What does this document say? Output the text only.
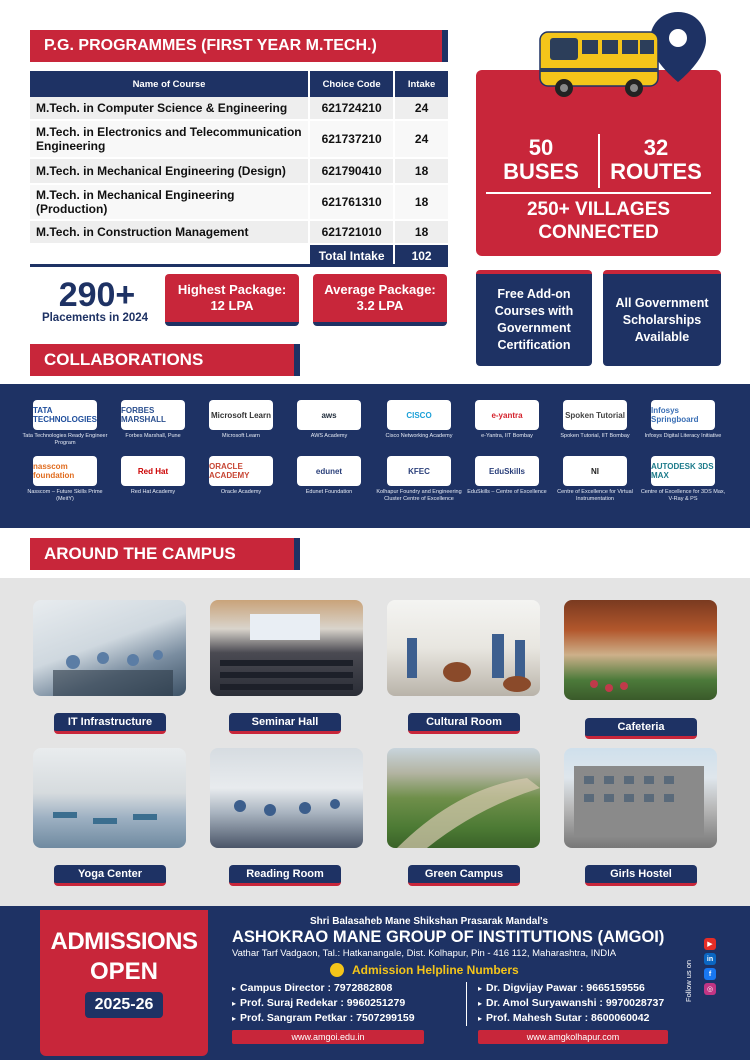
P.G. PROGRAMMES (FIRST YEAR M.TECH.)
Name of Course	Choice Code	Intake
M.Tech. in Computer Science & Engineering	621724210	24
M.Tech. in Electronics and Telecommunication Engineering	621737210	24
M.Tech. in Mechanical Engineering (Design)	621790410	18
M.Tech. in Mechanical Engineering (Production)	621761310	18
M.Tech. in Construction Management	621721010	18
	Total Intake	102
50
BUSES
32
ROUTES
250+ VILLAGES CONNECTED
290+
Placements in 2024
Highest Package: 12 LPA
Average Package: 3.2 LPA
Free Add-on Courses with Government Certification
All Government Scholarships Available
COLLABORATIONS
TATA TECHNOLOGIES
Tata Technologies Ready Engineer Program
FORBES MARSHALL
Forbes Marshall, Pune
Microsoft Learn
Microsoft Learn
aws
AWS Academy
CISCO
Cisco Networking Academy
e-yantra
e-Yantra, IIT Bombay
Spoken Tutorial
Spoken Tutorial, IIT Bombay
Infosys Springboard
Infosys Digital Literacy Initiative
nasscom foundation
Nasscom – Future Skills Prime (MeitY)
Red Hat
Red Hat Academy
ORACLE ACADEMY
Oracle Academy
edunet
Edunet Foundation
KFEC
Kolhapur Foundry and Engineering Cluster Centre of Excellence
EduSkills
EduSkills – Centre of Excellence
NI
Centre of Excellence for Virtual Instrumentation
AUTODESK 3DS MAX
Centre of Excellence for 3DS Max, V-Ray & PS
AROUND THE CAMPUS
IT Infrastructure	Seminar Hall	Cultural Room	Cafeteria
Yoga Center	Reading Room	Green Campus	Girls Hostel
ADMISSIONS
OPEN
2025-26
Shri Balasaheb Mane Shikshan Prasarak Mandal's
ASHOKRAO MANE GROUP OF INSTITUTIONS (AMGOI)
Vathar Tarf Vadgaon, Tal.: Hatkanangale, Dist. Kolhapur, Pin - 416 112, Maharashtra, INDIA
Admission Helpline Numbers
▸ Campus Director : 7972882808
▸ Prof. Suraj Redekar : 9960251279
▸ Prof. Sangram Petkar : 7507299159
▸ Dr. Digvijay Pawar : 9665159556
▸ Dr. Amol Suryawanshi : 9970028737
▸ Prof. Mahesh Sutar : 8600060042
www.amgoi.edu.in	www.amgkolhapur.com
Follow us on
▶
in
f
◎
